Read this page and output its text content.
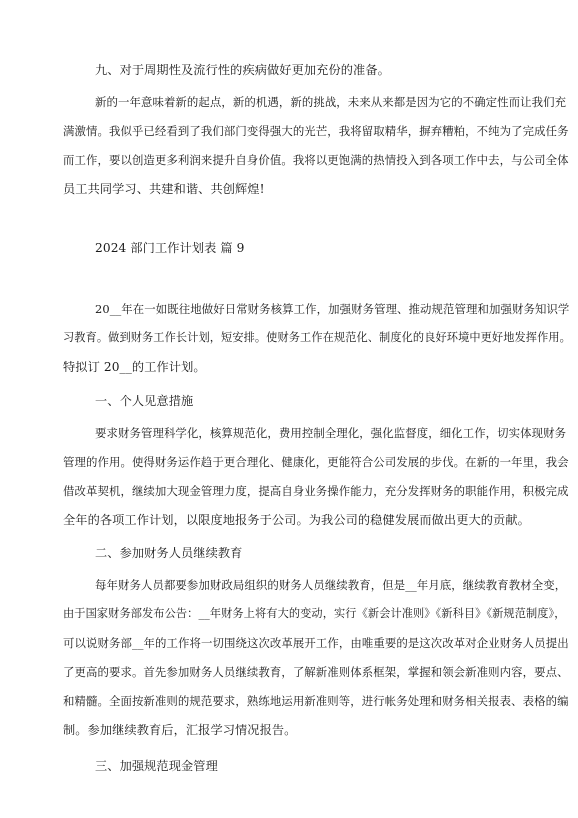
九、对于周期性及流行性的疾病做好更加充份的准备。
新的一年意味着新的起点，新的机遇，新的挑战，未来从来都是因为它的不确定性而让我们充
满激情。我似乎已经看到了我们部门变得强大的光芒，我将留取精华，摒弃糟粕，不纯为了完成任务
而工作，要以创造更多利润来提升自身价值。我将以更饱满的热情投入到各项工作中去，与公司全体
员工共同学习、共建和谐、共创辉煌!
2024 部门工作计划表 篇 9
20__年在一如既往地做好日常财务核算工作，加强财务管理、推动规范管理和加强财务知识学
习教育。做到财务工作长计划，短安排。使财务工作在规范化、制度化的良好环境中更好地发挥作用。
特拟订 20__的工作计划。
一、个人见意措施
要求财务管理科学化，核算规范化，费用控制全理化，强化监督度，细化工作，切实体现财务
管理的作用。使得财务运作趋于更合理化、健康化，更能符合公司发展的步伐。在新的一年里，我会
借改革契机，继续加大现金管理力度，提高自身业务操作能力，充分发挥财务的职能作用，积极完成
全年的各项工作计划，以限度地报务于公司。为我公司的稳健发展而做出更大的贡献。
二、参加财务人员继续教育
每年财务人员都要参加财政局组织的财务人员继续教育，但是__年月底，继续教育教材全变，
由于国家财务部发布公告：__年财务上将有大的变动，实行《新会计准则》《新科目》《新规范制度》，
可以说财务部__年的工作将一切围绕这次改革展开工作，由唯重要的是这次改革对企业财务人员提出
了更高的要求。首先参加财务人员继续教育，了解新准则体系框架，掌握和领会新准则内容，要点、
和精髓。全面按新准则的规范要求，熟练地运用新准则等，进行帐务处理和财务相关报表、表格的编
制。参加继续教育后，汇报学习情况报告。
三、加强规范现金管理
